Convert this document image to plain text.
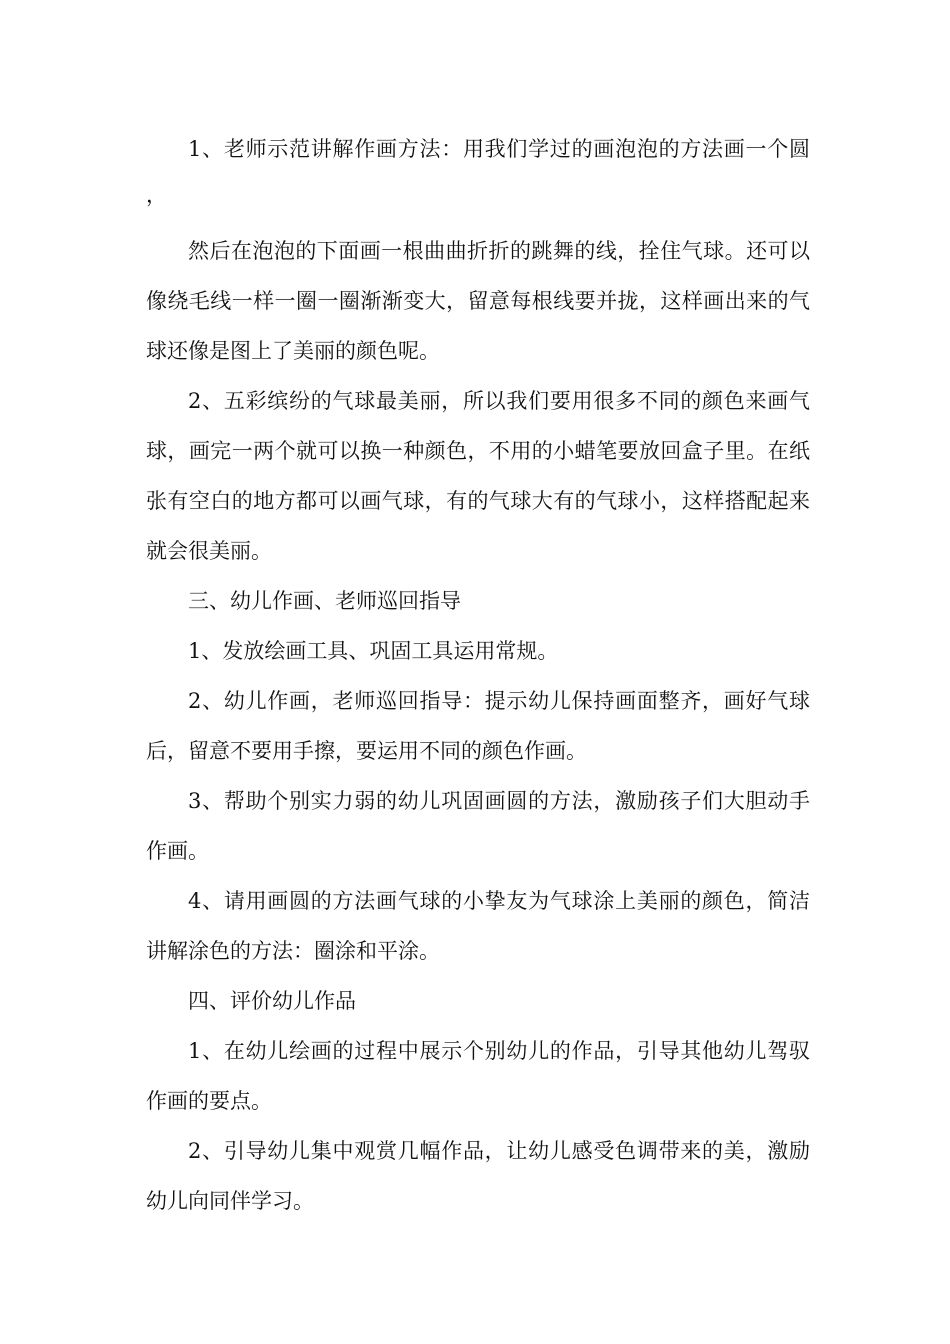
1、老师示范讲解作画方法：用我们学过的画泡泡的方法画一个圆，

然后在泡泡的下面画一根曲曲折折的跳舞的线，拴住气球。还可以像绕毛线一样一圈一圈渐渐变大，留意每根线要并拢，这样画出来的气球还像是图上了美丽的颜色呢。

2、五彩缤纷的气球最美丽，所以我们要用很多不同的颜色来画气球，画完一两个就可以换一种颜色，不用的小蜡笔要放回盒子里。在纸张有空白的地方都可以画气球，有的气球大有的气球小，这样搭配起来就会很美丽。

三、幼儿作画、老师巡回指导

1、发放绘画工具、巩固工具运用常规。

2、幼儿作画，老师巡回指导：提示幼儿保持画面整齐，画好气球后，留意不要用手擦，要运用不同的颜色作画。

3、帮助个别实力弱的幼儿巩固画圆的方法，激励孩子们大胆动手作画。

4、请用画圆的方法画气球的小挚友为气球涂上美丽的颜色，简洁讲解涂色的方法：圈涂和平涂。

四、评价幼儿作品

1、在幼儿绘画的过程中展示个别幼儿的作品，引导其他幼儿驾驭作画的要点。

2、引导幼儿集中观赏几幅作品，让幼儿感受色调带来的美，激励幼儿向同伴学习。
